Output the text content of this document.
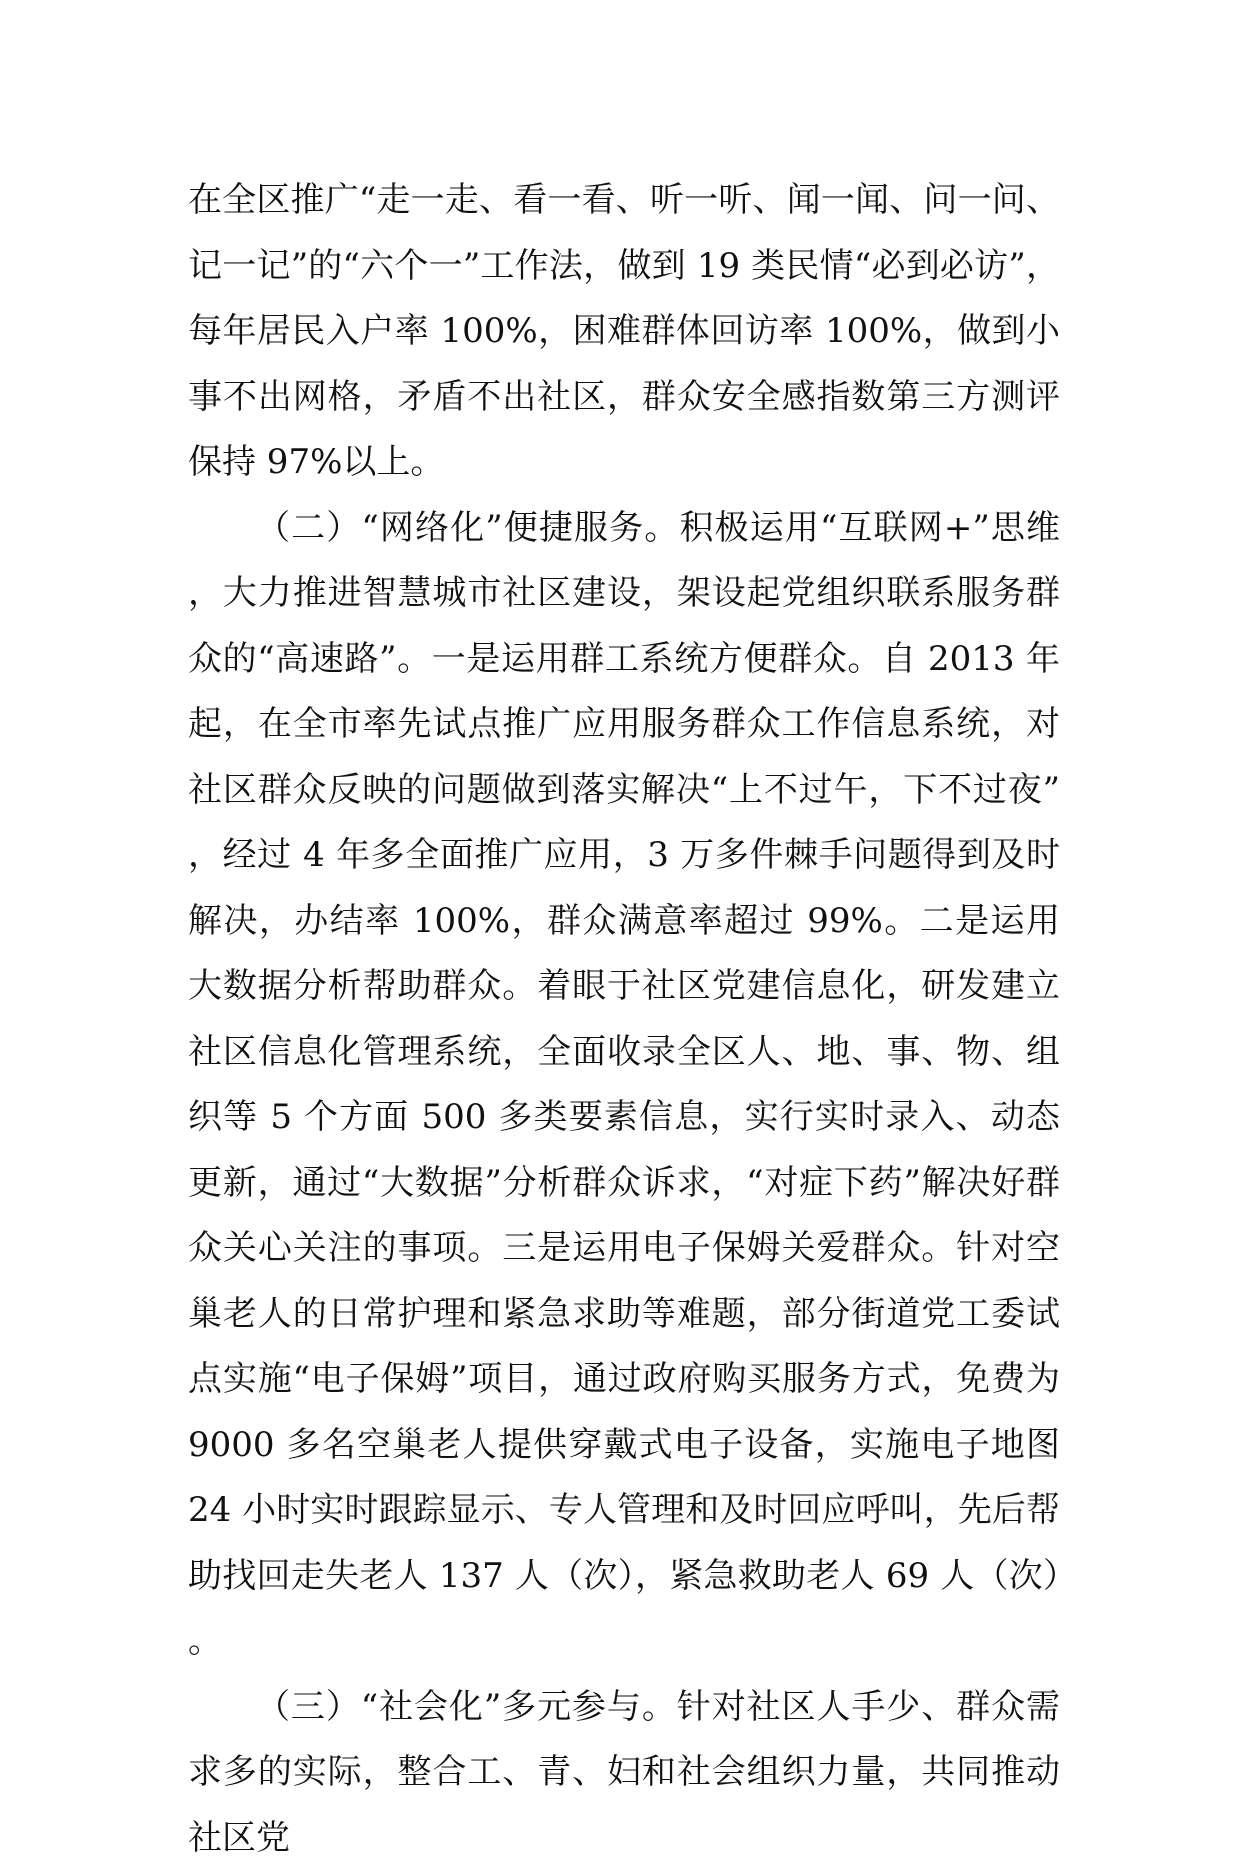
在全区推广“走一走、看一看、听一听、闻一闻、问一问、记一记”的“六个一”工作法，做到 19 类民情“必到必访”，每年居民入户率 100%，困难群体回访率 100%，做到小事不出网格，矛盾不出社区，群众安全感指数第三方测评保持 97%以上。

（二）“网络化”便捷服务。积极运用“互联网+”思维，大力推进智慧城市社区建设，架设起党组织联系服务群众的“高速路”。一是运用群工系统方便群众。自 2013 年起，在全市率先试点推广应用服务群众工作信息系统，对社区群众反映的问题做到落实解决“上不过午，下不过夜”，经过 4 年多全面推广应用，3 万多件棘手问题得到及时解决，办结率 100%，群众满意率超过 99%。二是运用大数据分析帮助群众。着眼于社区党建信息化，研发建立社区信息化管理系统，全面收录全区人、地、事、物、组织等 5 个方面 500 多类要素信息，实行实时录入、动态更新，通过“大数据”分析群众诉求，“对症下药”解决好群众关心关注的事项。三是运用电子保姆关爱群众。针对空巢老人的日常护理和紧急求助等难题，部分街道党工委试点实施“电子保姆”项目，通过政府购买服务方式，免费为 9000 多名空巢老人提供穿戴式电子设备，实施电子地图 24 小时实时跟踪显示、专人管理和及时回应呼叫，先后帮助找回走失老人 137 人（次），紧急救助老人 69 人（次）。

（三）“社会化”多元参与。针对社区人手少、群众需求多的实际，整合工、青、妇和社会组织力量，共同推动社区党
